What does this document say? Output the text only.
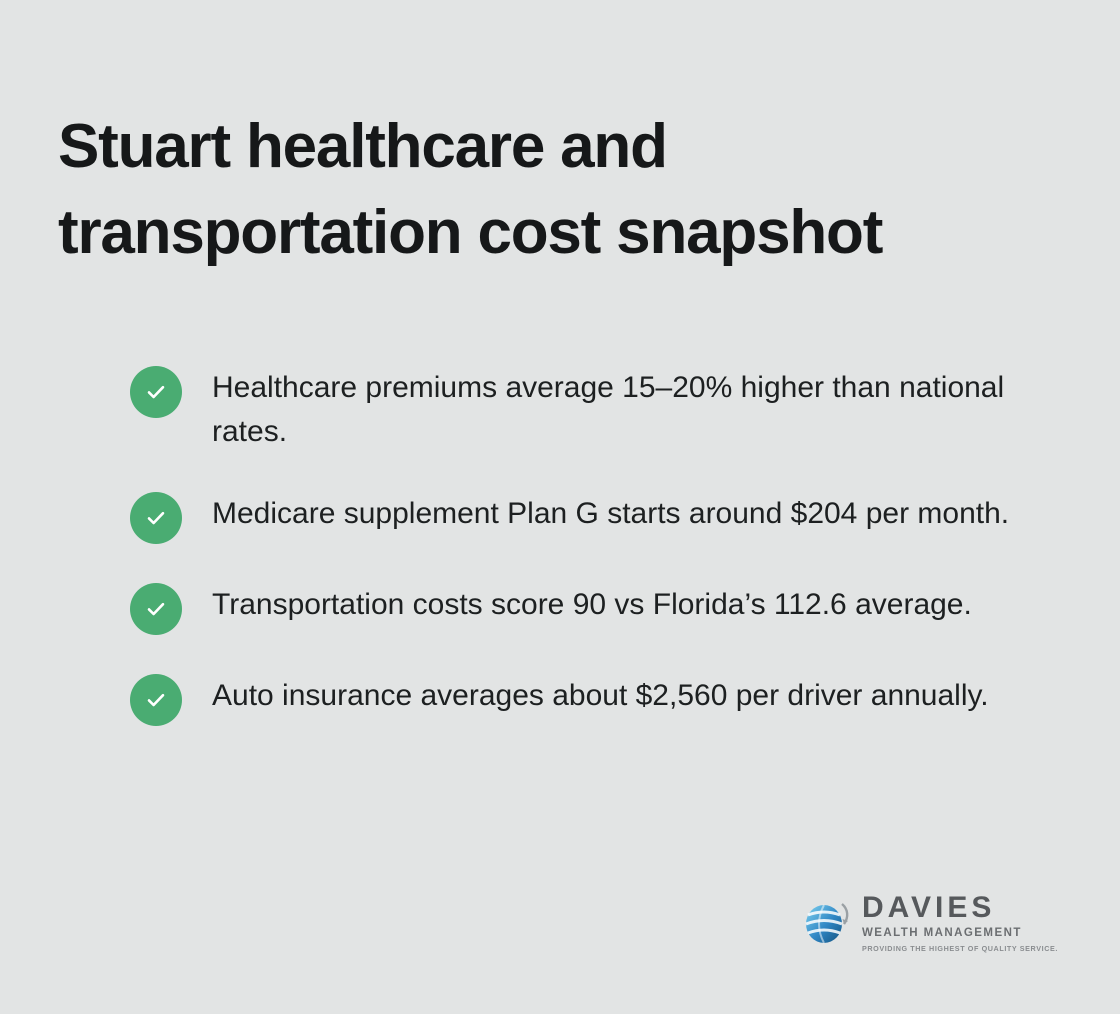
Stuart healthcare and
transportation cost snapshot
Healthcare premiums average 15–20% higher than national rates.
Medicare supplement Plan G starts around $204 per month.
Transportation costs score 90 vs Florida’s 112.6 average.
Auto insurance averages about $2,560 per driver annually.
DAVIES
WEALTH MANAGEMENT
PROVIDING THE HIGHEST OF QUALITY SERVICE.
